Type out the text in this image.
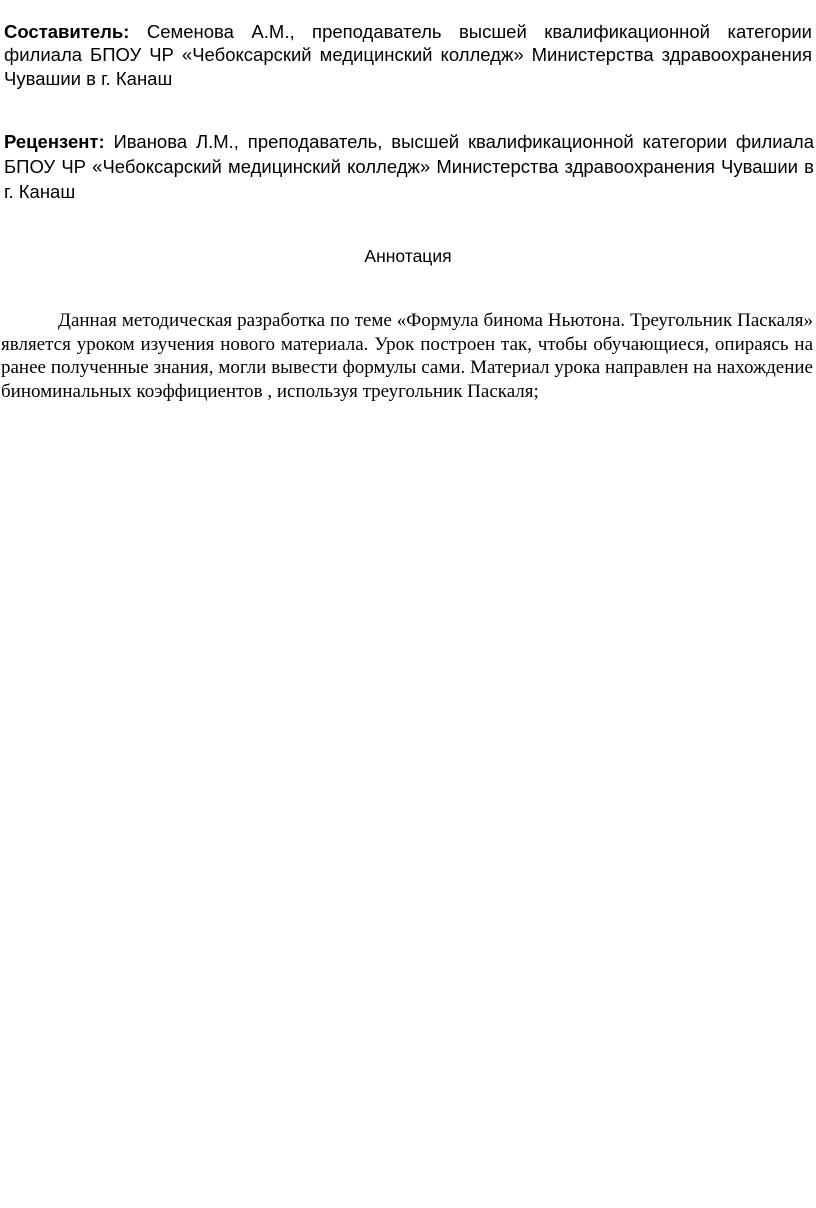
Составитель: Семенова А.М., преподаватель высшей квалификационной категории филиала БПОУ ЧР «Чебоксарский медицинский колледж» Министерства здравоохранения Чувашии в г. Канаш

Рецензент: Иванова Л.М., преподаватель, высшей квалификационной категории филиала БПОУ ЧР «Чебоксарский медицинский колледж» Министерства здравоохранения Чувашии в г. Канаш

Аннотация

Данная методическая разработка по теме «Формула бинома Ньютона. Треугольник Паскаля» является уроком изучения нового материала. Урок построен так, чтобы обучающиеся, опираясь на ранее полученные знания, могли вывести формулы сами. Материал урока направлен на нахождение биноминальных коэффициентов , используя треугольник Паскаля;
